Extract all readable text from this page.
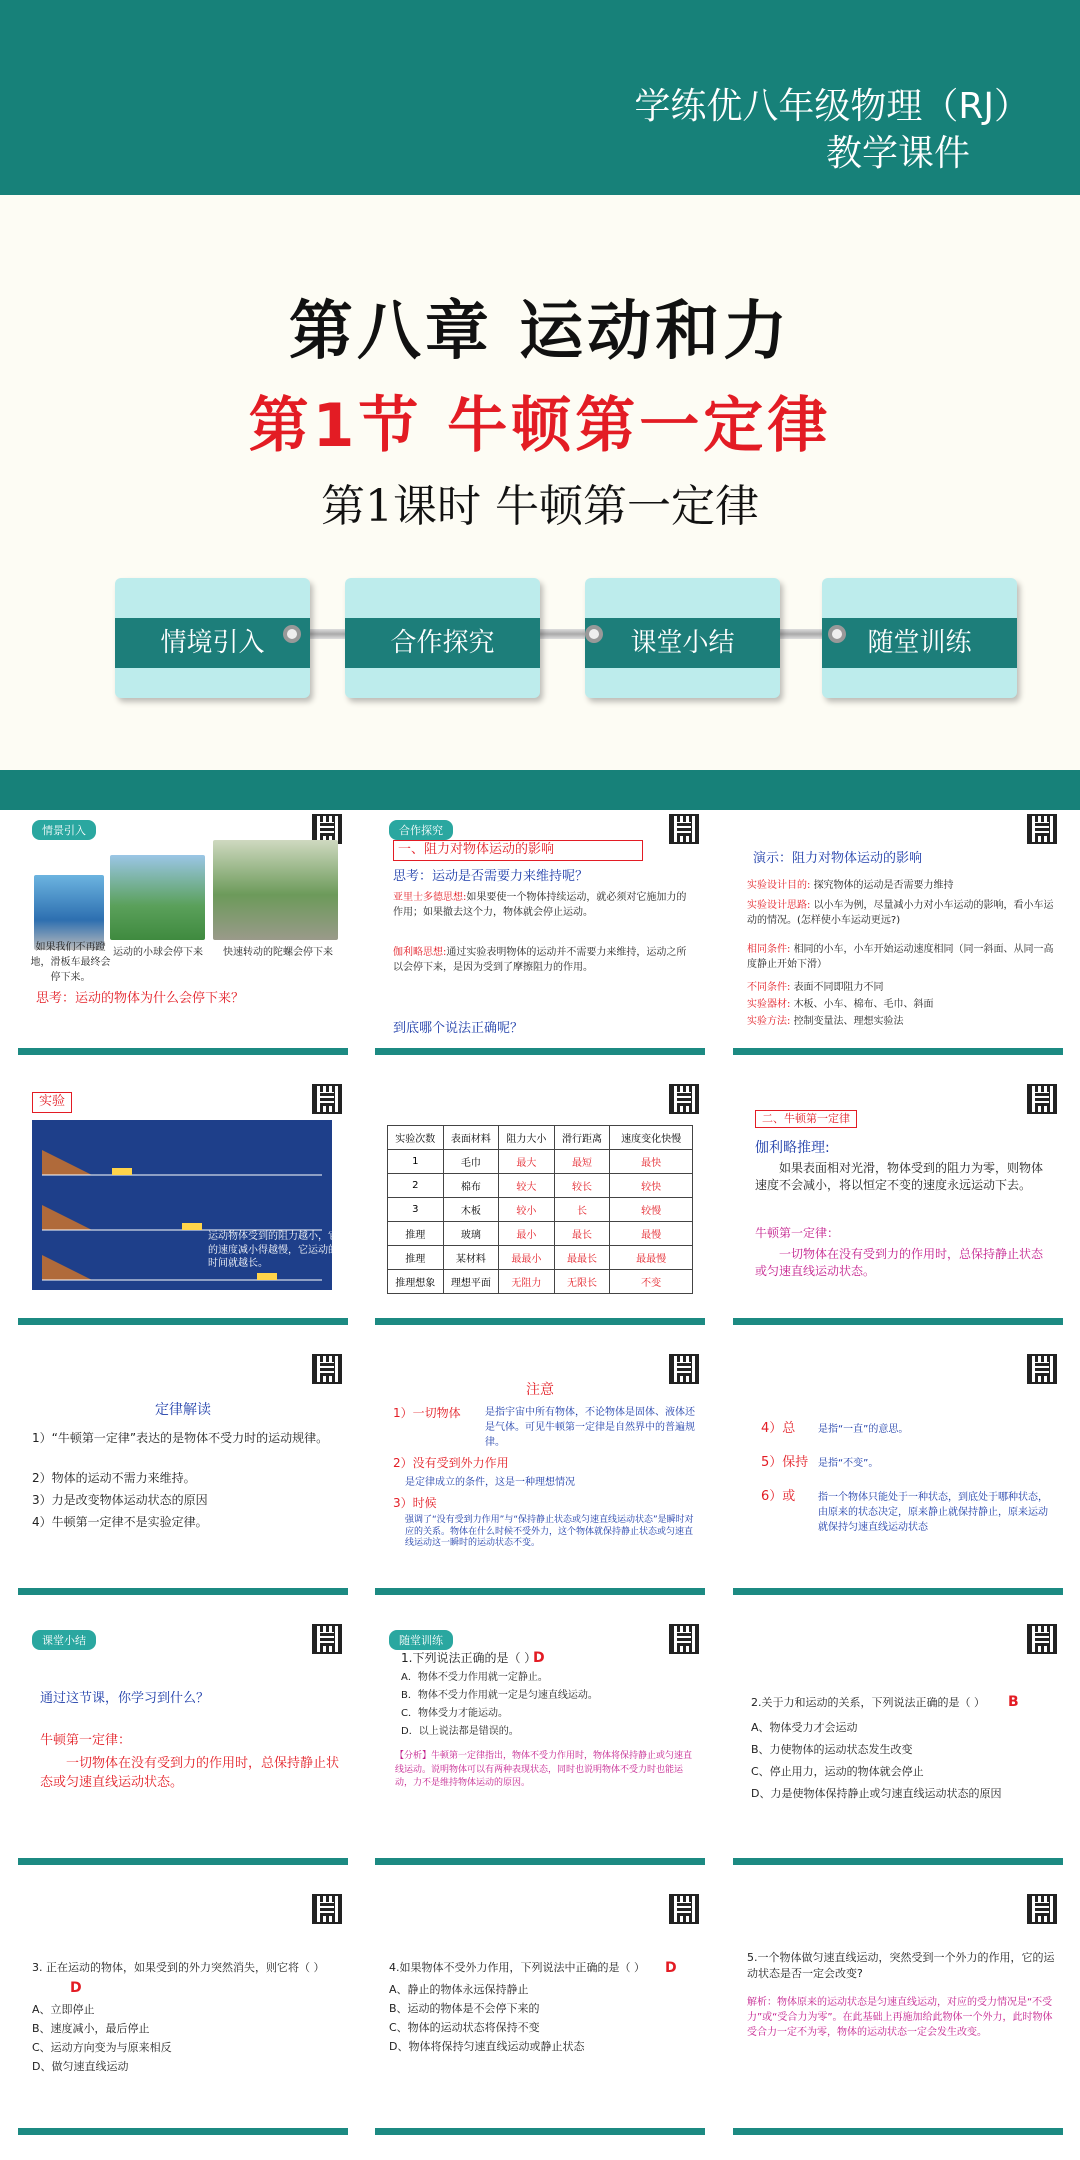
学练优八年级物理（RJ）
教学课件
第八章 运动和力
第1节 牛顿第一定律
第1课时 牛顿第一定律
情境引入	合作探究	课堂小结	随堂训练
情景引入
如果我们不再蹬地，滑板车最终会停下来。
运动的小球会停下来	快速转动的陀螺会停下来
思考：运动的物体为什么会停下来？
合作探究
一、阻力对物体运动的影响
思考：运动是否需要力来维持呢？
亚里士多德思想:如果要使一个物体持续运动，就必须对它施加力的作用；如果撤去这个力，物体就会停止运动。
伽利略思想:通过实验表明物体的运动并不需要力来维持，运动之所以会停下来，是因为受到了摩擦阻力的作用。
到底哪个说法正确呢？
演示：阻力对物体运动的影响
实验设计目的: 探究物体的运动是否需要力维持
实验设计思路: 以小车为例，尽量减小力对小车运动的影响，看小车运动的情况。(怎样使小车运动更远?)
相同条件: 相同的小车，小车开始运动速度相同（同一斜面、从同一高度静止开始下滑）
不同条件: 表面不同即阻力不同
实验器材: 木板、小车、棉布、毛巾、斜面
实验方法: 控制变量法、理想实验法
实验
运动物体受到的阻力越小，它的速度减小得越慢，它运动的时间就越长。
实验次数	表面材料	阻力大小	滑行距离	速度变化快慢
1	毛巾	最大	最短	最快
2	棉布	较大	较长	较快
3	木板	较小	长	较慢
推理	玻璃	最小	最长	最慢
推理	某材料	最最小	最最长	最最慢
推理想象	理想平面	无阻力	无限长	不变
二、牛顿第一定律
伽利略推理:
如果表面相对光滑，物体受到的阻力为零，则物体速度不会减小，将以恒定不变的速度永远运动下去。
牛顿第一定律：
一切物体在没有受到力的作用时，总保持静止状态或匀速直线运动状态。
定律解读
1）“牛顿第一定律”表达的是物体不受力时的运动规律。
2）物体的运动不需力来维持。
3）力是改变物体运动状态的原因
4）牛顿第一定律不是实验定律。
注意
1）一切物体 是指宇宙中所有物体，不论物体是固体、液体还是气体。可见牛顿第一定律是自然界中的普遍规律。
2）没有受到外力作用
是定律成立的条件，这是一种理想情况
3）时候
强调了“没有受到力作用”与“保持静止状态或匀速直线运动状态”是瞬时对应的关系。物体在什么时候不受外力，这个物体就保持静止状态或匀速直线运动这一瞬时的运动状态不变。
4）总 是指“一直”的意思。
5）保持 是指“不变”。
6）或 指一个物体只能处于一种状态，到底处于哪种状态，由原来的状态决定，原来静止就保持静止，原来运动就保持匀速直线运动状态
课堂小结
通过这节课，你学习到什么？
牛顿第一定律：
一切物体在没有受到力的作用时，总保持静止状态或匀速直线运动状态。
随堂训练
1.下列说法正确的是（ ）
D
A．物体不受力作用就一定静止。
B．物体不受力作用就一定是匀速直线运动。
C．物体受力才能运动。
D．以上说法都是错误的。
【分析】牛顿第一定律指出，物体不受力作用时，物体将保持静止或匀速直线运动。说明物体可以有两种表现状态，同时也说明物体不受力时也能运动，力不是维持物体运动的原因。
2.关于力和运动的关系，下列说法正确的是（ ）	B
A、物体受力才会运动
B、力使物体的运动状态发生改变
C、停止用力，运动的物体就会停止
D、力是使物体保持静止或匀速直线运动状态的原因
3. 正在运动的物体，如果受到的外力突然消失，则它将（ ）
D
A、立即停止
B、速度减小，最后停止
C、运动方向变为与原来相反
D、做匀速直线运动
4.如果物体不受外力作用，下列说法中正确的是（ ）	D
A、静止的物体永远保持静止
B、运动的物体是不会停下来的
C、物体的运动状态将保持不变
D、物体将保持匀速直线运动或静止状态
5.一个物体做匀速直线运动，突然受到一个外力的作用，它的运动状态是否一定会改变?
解析：物体原来的运动状态是匀速直线运动，对应的受力情况是“不受力”或“受合力为零”。在此基础上再施加给此物体一个外力，此时物体受合力一定不为零，物体的运动状态一定会发生改变。
